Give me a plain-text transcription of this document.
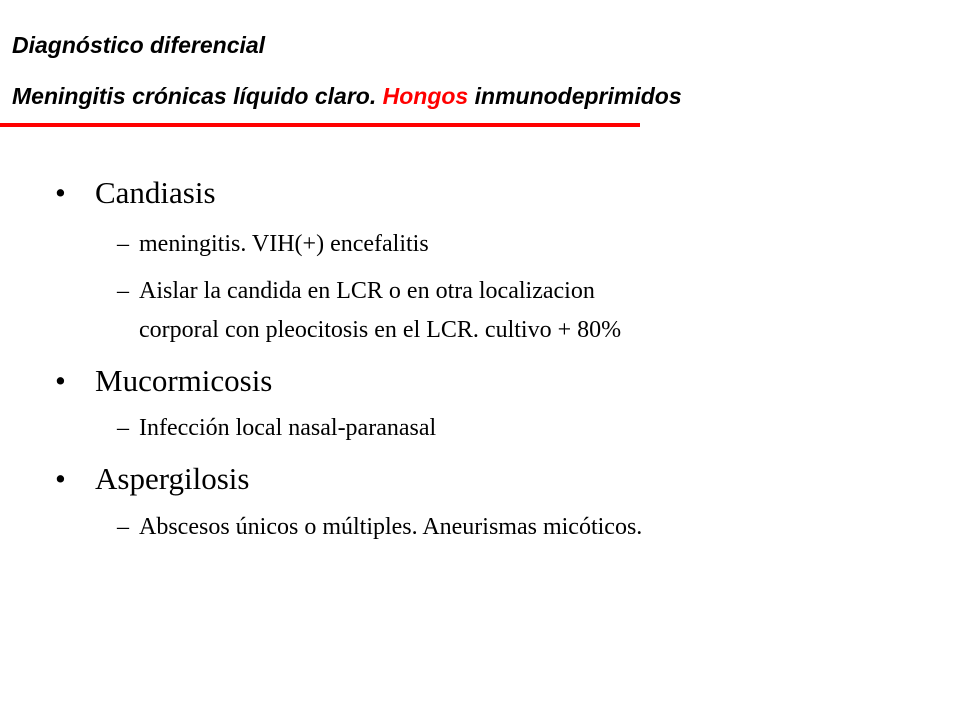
Diagnóstico diferencial
Meningitis crónicas líquido claro. Hongos inmunodeprimidos
• Candiasis
– meningitis. VIH(+) encefalitis
– Aislar la candida en LCR o en otra localizacion
corporal con pleocitosis en el LCR. cultivo + 80%
• Mucormicosis
– Infección local nasal-paranasal
• Aspergilosis
– Abscesos únicos o múltiples. Aneurismas micóticos.
